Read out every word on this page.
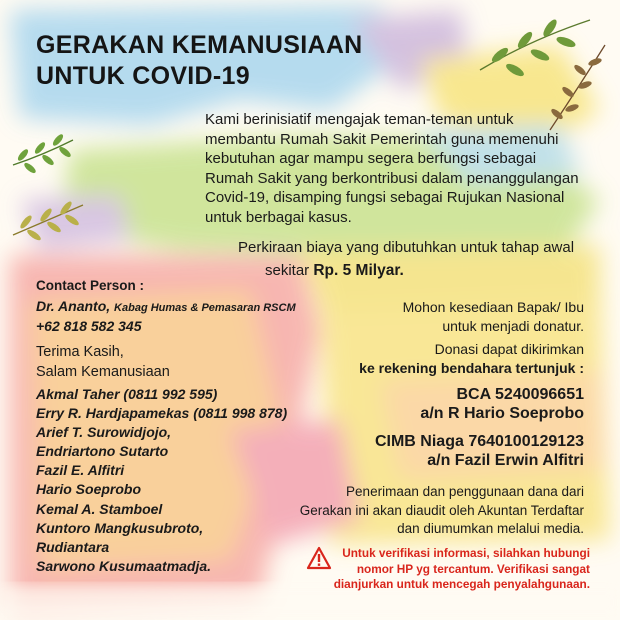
GERAKAN KEMANUSIAAN
UNTUK COVID-19
Kami berinisiatif mengajak teman-teman untuk
membantu Rumah Sakit Pemerintah guna memenuhi
kebutuhan agar mampu segera berfungsi sebagai
Rumah Sakit yang berkontribusi dalam penanggulangan
Covid-19, disamping fungsi sebagai Rujukan Nasional
untuk berbagai kasus.
Perkiraan biaya yang dibutuhkan untuk tahap awal
sekitar Rp. 5 Milyar.
Contact Person :
Dr. Ananto, Kabag Humas & Pemasaran RSCM
+62 818 582 345
Terima Kasih,
Salam Kemanusiaan
Akmal Taher (0811 992 595)
Erry R. Hardjapamekas (0811 998 878)
Arief T. Surowidjojo,
Endriartono Sutarto
Fazil E. Alfitri
Hario Soeprobo
Kemal A. Stamboel
Kuntoro Mangkusubroto,
Rudiantara
Sarwono Kusumaatmadja.
Mohon kesediaan Bapak/ Ibu
untuk menjadi donatur.
Donasi dapat dikirimkan
ke rekening bendahara tertunjuk :
BCA 5240096651
a/n R Hario Soeprobo
CIMB Niaga 7640100129123
a/n Fazil Erwin Alfitri
Penerimaan dan penggunaan dana dari
Gerakan ini akan diaudit oleh Akuntan Terdaftar
dan diumumkan melalui media.
Untuk verifikasi informasi, silahkan hubungi
nomor HP yg tercantum. Verifikasi sangat
dianjurkan untuk mencegah penyalahgunaan.
